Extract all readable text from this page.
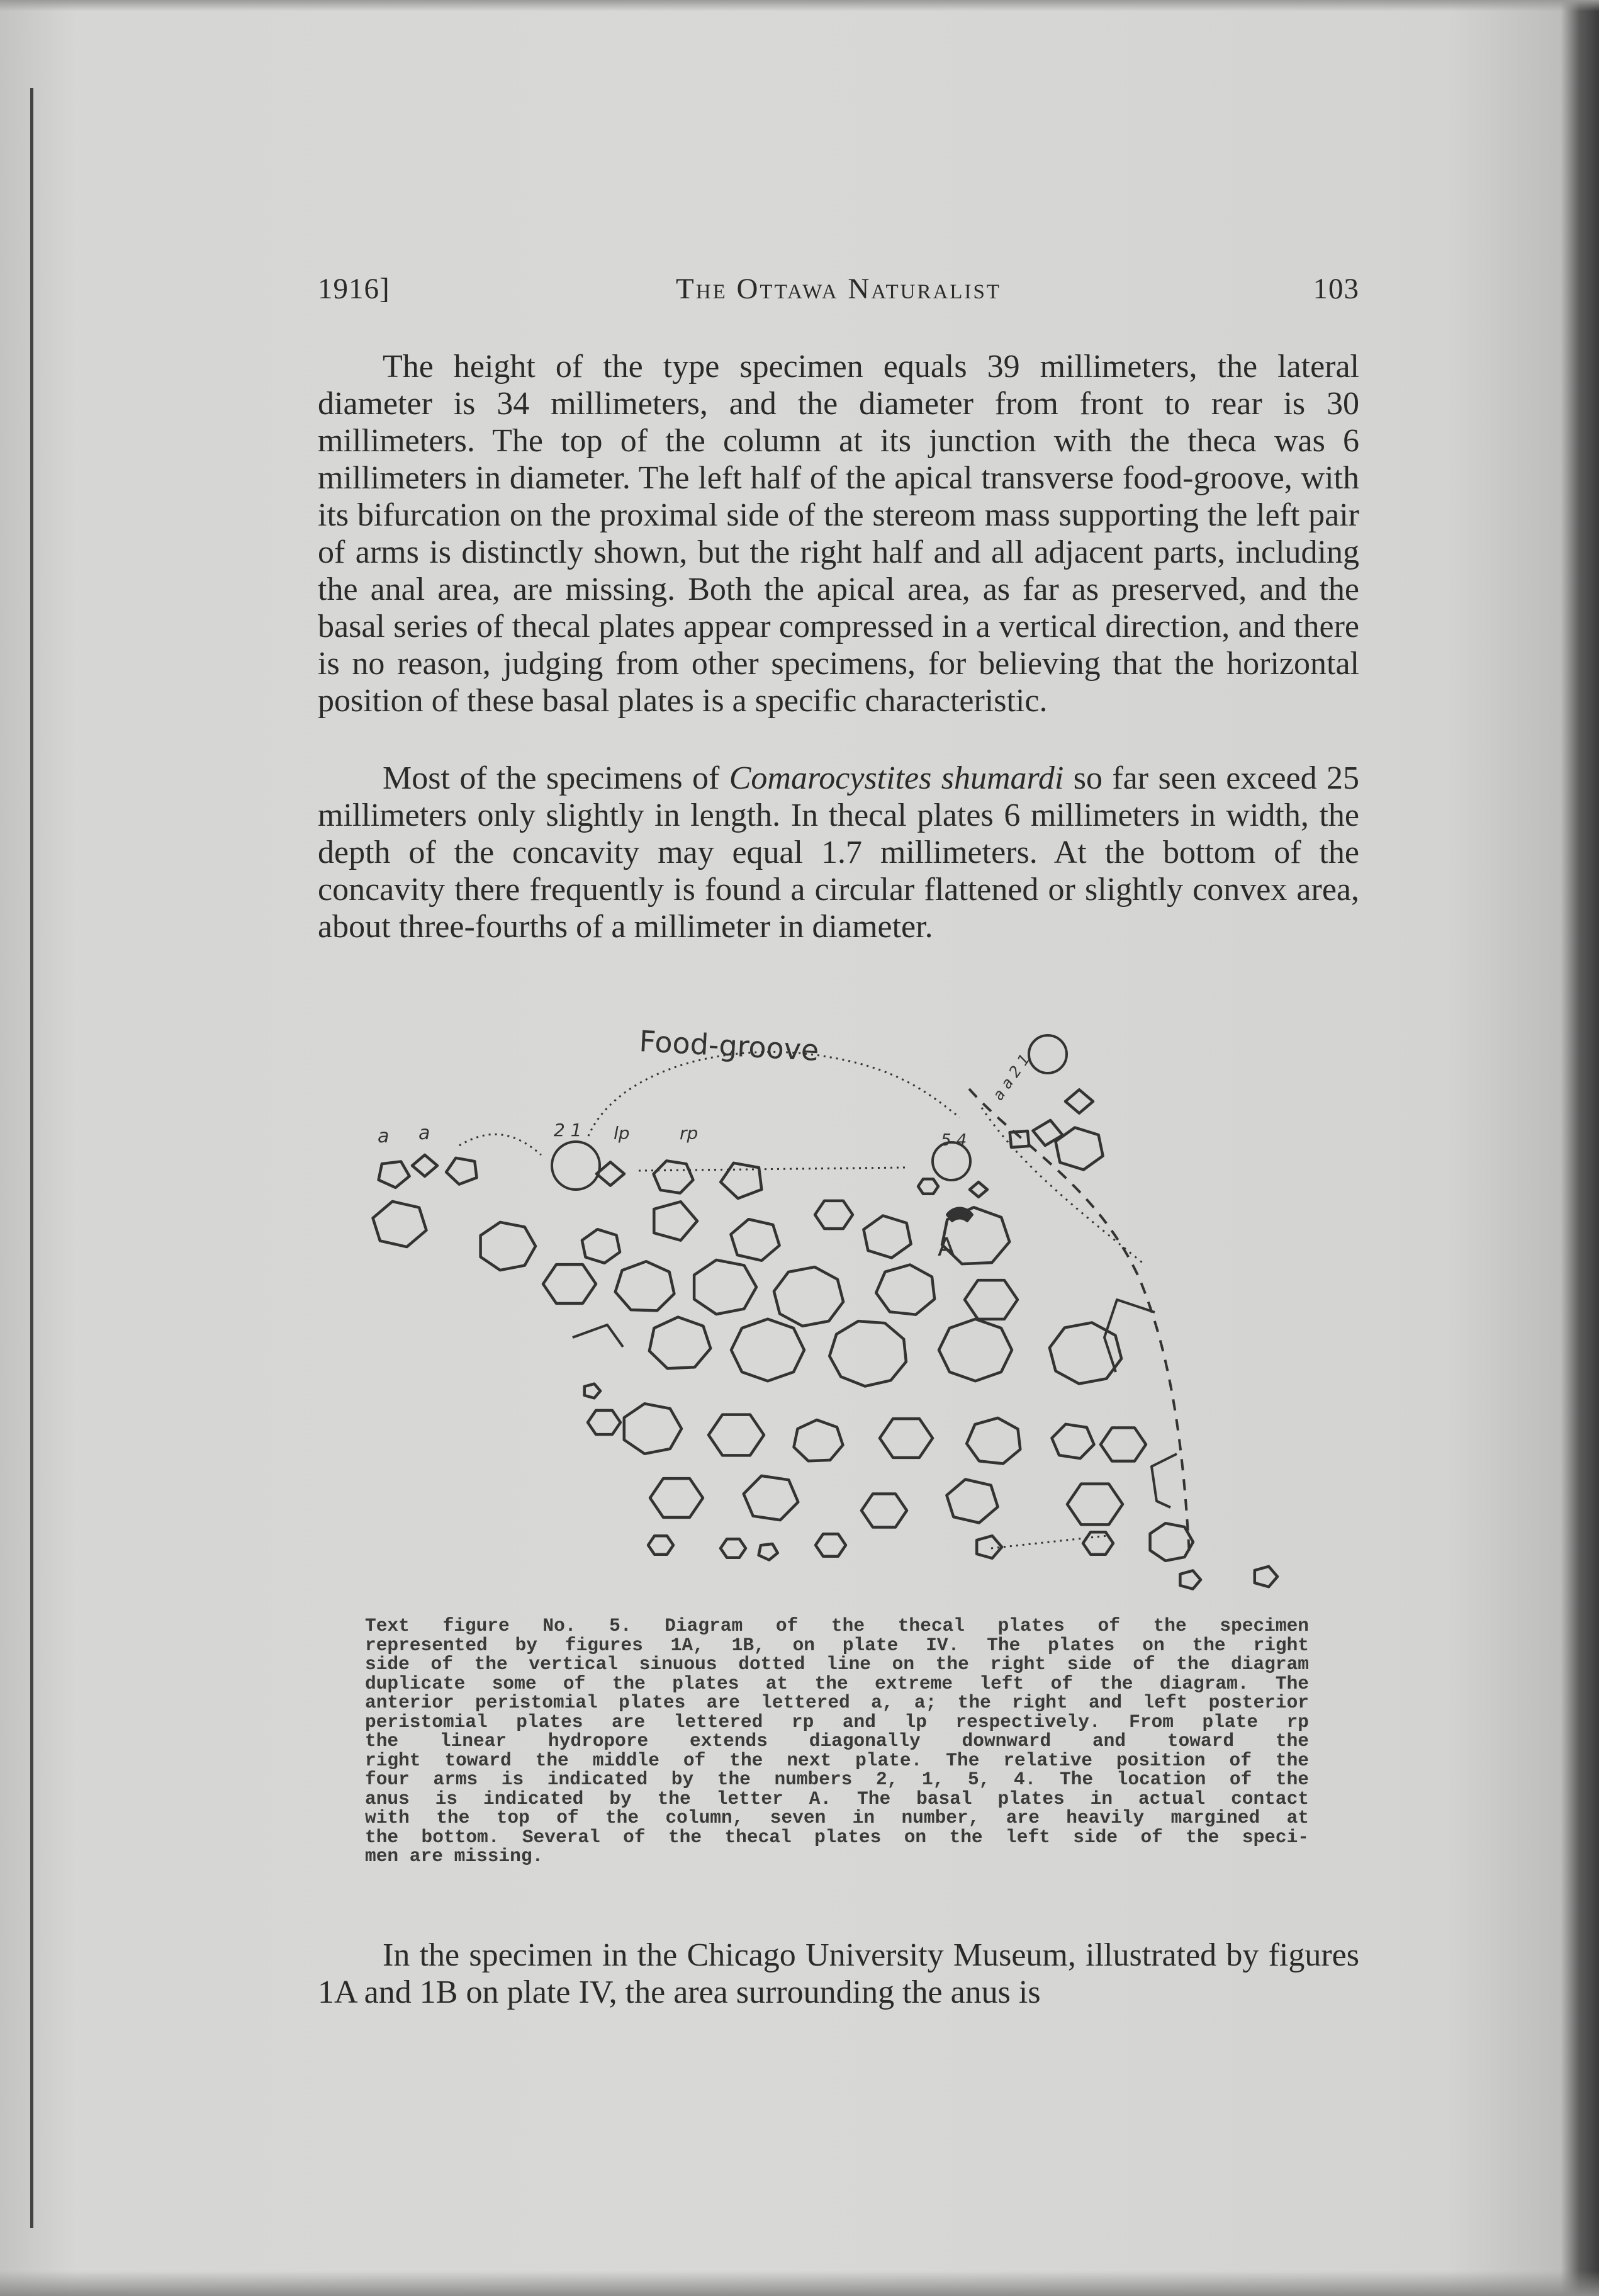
1916]	The Ottawa Naturalist	103

The height of the type specimen equals 39 millimeters, the lateral diameter is 34 millimeters, and the diameter from front to rear is 30 millimeters. The top of the column at its junction with the theca was 6 millimeters in diameter. The left half of the apical transverse food-groove, with its bifurcation on the proximal side of the stereom mass supporting the left pair of arms is distinctly shown, but the right half and all adjacent parts, including the anal area, are missing. Both the apical area, as far as preserved, and the basal series of thecal plates appear compressed in a vertical direction, and there is no reason, judging from other specimens, for believing that the horizontal position of these basal plates is a specific characteristic.

Most of the specimens of Comarocystites shumardi so far seen exceed 25 millimeters only slightly in length. In thecal plates 6 millimeters in width, the depth of the concavity may equal 1.7 millimeters. At the bottom of the concavity there frequently is found a circular flattened or slightly convex area, about three-fourths of a millimeter in diameter.

Food-groove
A
a a	lp	rp
2 1	5 4
a a 2 1
Text figure No. 5. Diagram of the thecal plates of the specimen
represented by figures 1A, 1B, on plate IV. The plates on the right
side of the vertical sinuous dotted line on the right side of the diagram
duplicate some of the plates at the extreme left of the diagram. The
anterior peristomial plates are lettered a, a; the right and left posterior
peristomial plates are lettered rp and lp respectively. From plate rp
the linear hydropore extends diagonally downward and toward the
right toward the middle of the next plate. The relative position of the
four arms is indicated by the numbers 2, 1, 5, 4. The location of the
anus is indicated by the letter A. The basal plates in actual contact
with the top of the column, seven in number, are heavily margined at
the bottom. Several of the thecal plates on the left side of the speci-
men are missing.

In the specimen in the Chicago University Museum, illustrated by figures 1A and 1B on plate IV, the area surrounding the anus is
